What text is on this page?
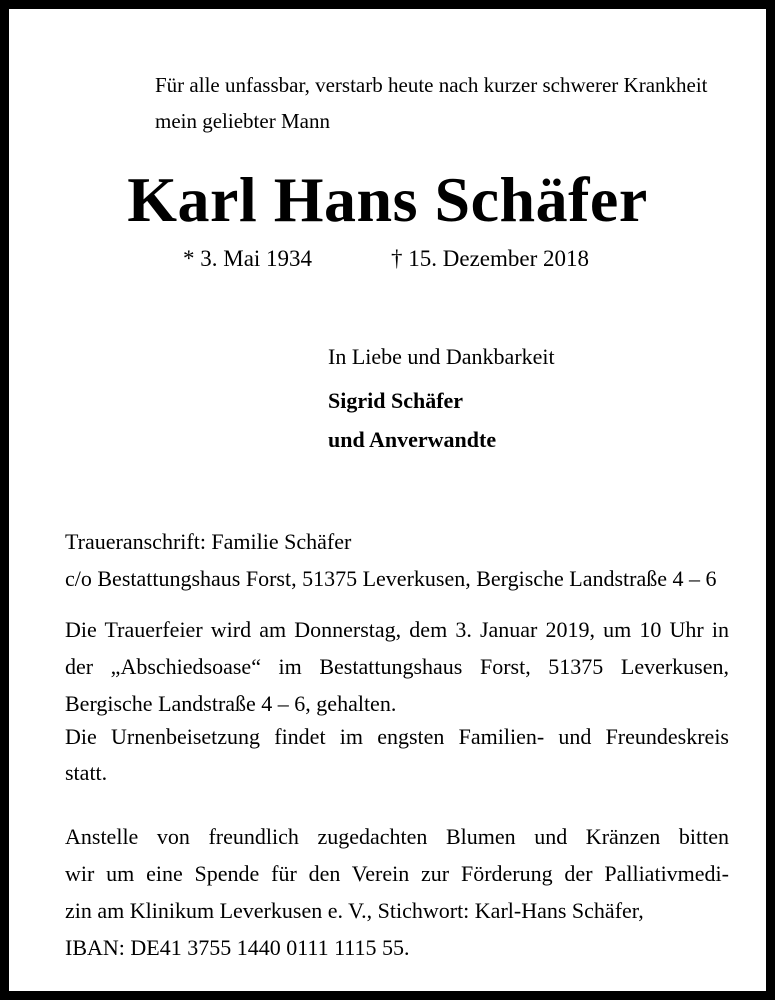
Für alle unfassbar, verstarb heute nach kurzer schwerer Krankheit
mein geliebter Mann
Karl Hans Schäfer
* 3. Mai 1934	† 15. Dezember 2018
In Liebe und Dankbarkeit
Sigrid Schäfer
und Anverwandte
Traueranschrift: Familie Schäfer
c/o Bestattungshaus Forst, 51375 Leverkusen, Bergische Landstraße 4 – 6
Die Trauerfeier wird am Donnerstag, dem 3. Januar 2019, um 10 Uhr in
der „Abschiedsoase“ im Bestattungshaus Forst, 51375 Leverkusen,
Bergische Landstraße 4 – 6, gehalten.
Die Urnenbeisetzung findet im engsten Familien- und Freundeskreis
statt.
Anstelle von freundlich zugedachten Blumen und Kränzen bitten
wir um eine Spende für den Verein zur Förderung der Palliativmedi-
zin am Klinikum Leverkusen e. V., Stichwort: Karl-Hans Schäfer,
IBAN: DE41 3755 1440 0111 1115 55.
